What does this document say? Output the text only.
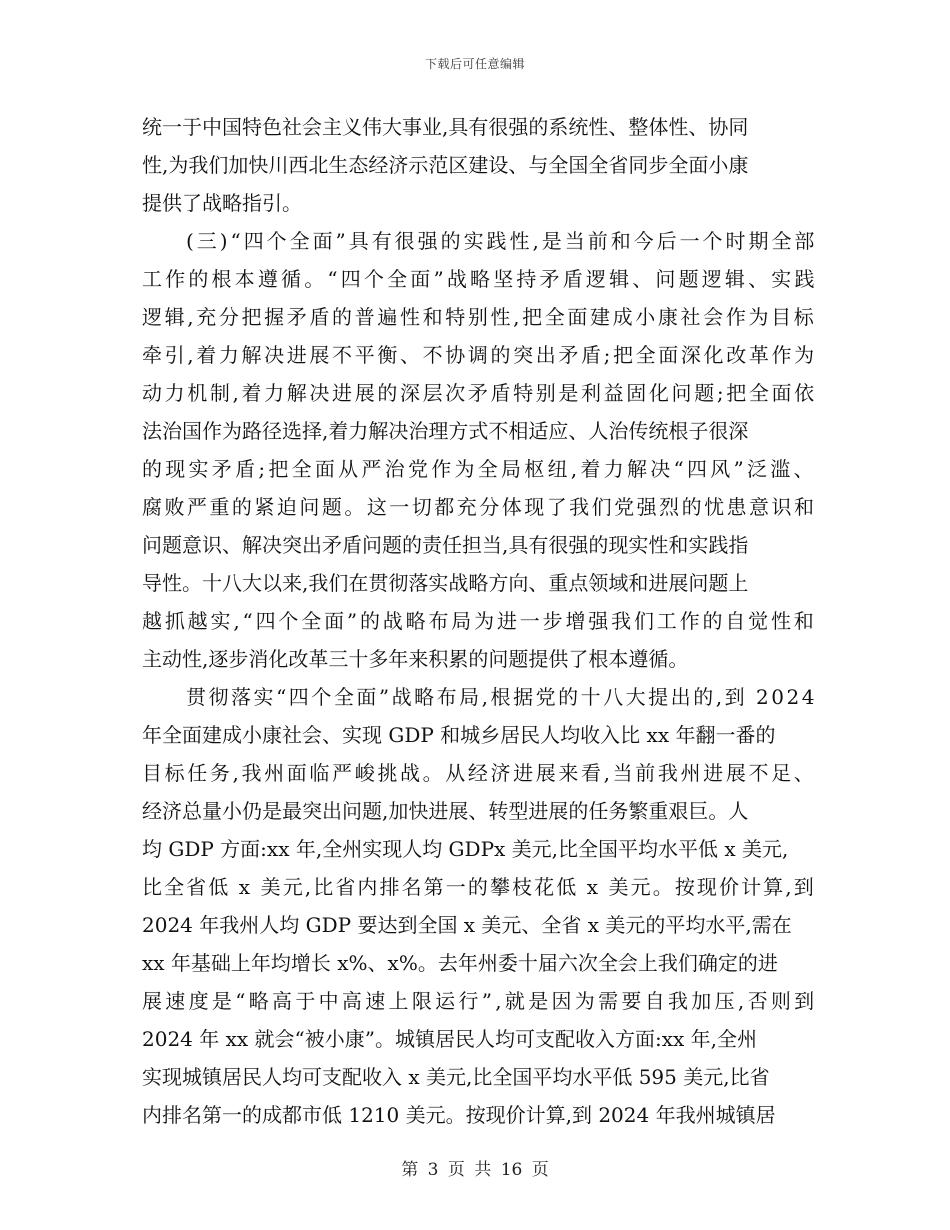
下载后可任意编辑
统一于中国特色社会主义伟大事业,具有很强的系统性、整体性、协同
性,为我们加快川西北生态经济示范区建设、与全国全省同步全面小康
提供了战略指引。
(三)“四个全面”具有很强的实践性,是当前和今后一个时期全部
工作的根本遵循。“四个全面”战略坚持矛盾逻辑、问题逻辑、实践
逻辑,充分把握矛盾的普遍性和特别性,把全面建成小康社会作为目标
牵引,着力解决进展不平衡、不协调的突出矛盾;把全面深化改革作为
动力机制,着力解决进展的深层次矛盾特别是利益固化问题;把全面依
法治国作为路径选择,着力解决治理方式不相适应、人治传统根子很深
的现实矛盾;把全面从严治党作为全局枢纽,着力解决“四风”泛滥、
腐败严重的紧迫问题。这一切都充分体现了我们党强烈的忧患意识和
问题意识、解决突出矛盾问题的责任担当,具有很强的现实性和实践指
导性。十八大以来,我们在贯彻落实战略方向、重点领域和进展问题上
越抓越实,“四个全面”的战略布局为进一步增强我们工作的自觉性和
主动性,逐步消化改革三十多年来积累的问题提供了根本遵循。
贯彻落实“四个全面”战略布局,根据党的十八大提出的,到 2024
年全面建成小康社会、实现 GDP 和城乡居民人均收入比 xx 年翻一番的
目标任务,我州面临严峻挑战。从经济进展来看,当前我州进展不足、
经济总量小仍是最突出问题,加快进展、转型进展的任务繁重艰巨。人
均 GDP 方面:xx 年,全州实现人均 GDPx 美元,比全国平均水平低 x 美元,
比全省低 x 美元,比省内排名第一的攀枝花低 x 美元。按现价计算,到
2024 年我州人均 GDP 要达到全国 x 美元、全省 x 美元的平均水平,需在
xx 年基础上年均增长 x%、x%。去年州委十届六次全会上我们确定的进
展速度是“略高于中高速上限运行”,就是因为需要自我加压,否则到
2024 年 xx 就会“被小康”。城镇居民人均可支配收入方面:xx 年,全州
实现城镇居民人均可支配收入 x 美元,比全国平均水平低 595 美元,比省
内排名第一的成都市低 1210 美元。按现价计算,到 2024 年我州城镇居
第 3 页 共 16 页
